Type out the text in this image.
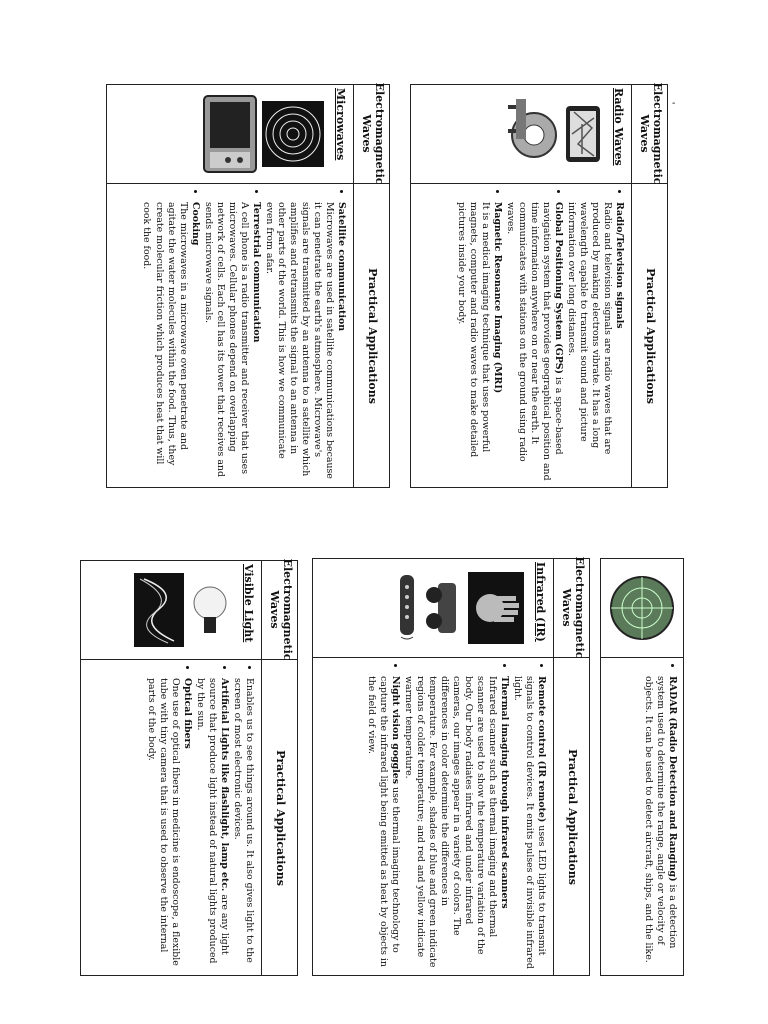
-
Electromagnetic Waves
Practical Applications
Radio Waves
• Radio/Television signals
Radio and television signals are radio waves that are produced by making electrons vibrate. It has a long wavelength capable to transmit sound and picture information over long distances.
• Global Positioning System (GPS) is a space-based navigation system that provides geographical position and time information anywhere on or near the earth. It communicates with stations on the ground using radio waves.
• Magnetic Resonance Imaging (MRI)
It is a medical imaging technique that uses powerful magnets, computer and radio waves to make detailed pictures inside your body.
Electromagnetic Waves
Practical Applications
Microwaves
• Satellite communication
Microwaves are used in satellite communications because it can penetrate the earth's atmosphere. Microwave's signals are transmitted by an antenna to a satellite which amplifies and retransmits the signal to an antenna in other parts of the world. This is how we communicate even from afar.
• Terrestrial communication
A cell phone is a radio transmitter and receiver that uses microwaves. Cellular phones depend on overlapping network of cells. Each cell has its tower that receives and sends microwave signals.
• Cooking
The microwaves in a microwave oven penetrate and agitate the water molecules within the food. Thus, they create molecular friction which produces heat that will cook the food.
• RADAR (Radio Detection and Ranging) is a detection system used to determine the range, angle or velocity of objects. It can be used to detect aircraft, ships, and the like.
Electromagnetic Waves
Practical Applications
Infrared (IR)
• Remote control (IR remote) uses LED lights to transmit signals to control devices. It emits pulses of invisible infrared light.
• Thermal imaging through infrared scanners
Infrared scanner such as thermal imaging and thermal scanner are used to show the temperature variation of the body. Our body radiates infrared and under infrared cameras, our images appear in a variety of colors. The differences in color determine the differences in temperature. For example, shades of blue and green indicate regions of colder temperature; and red and yellow indicate warmer temperature.
• Night vision goggles use thermal imaging technology to capture the infrared light being emitted as heat by objects in the field of view.
Electromagnetic Waves
Practical Applications
Visible Light
• Enables us to see things around us. It also gives light to the screen of most electronic devices.
• Artificial Lights like flashlight, lamp etc. are any light source that produce light instead of natural lights produced by the sun.
• Optical fibers
One use of optical fibers in medicine is endoscope, a flexible tube with tiny camera that is used to observe the internal parts of the body.
